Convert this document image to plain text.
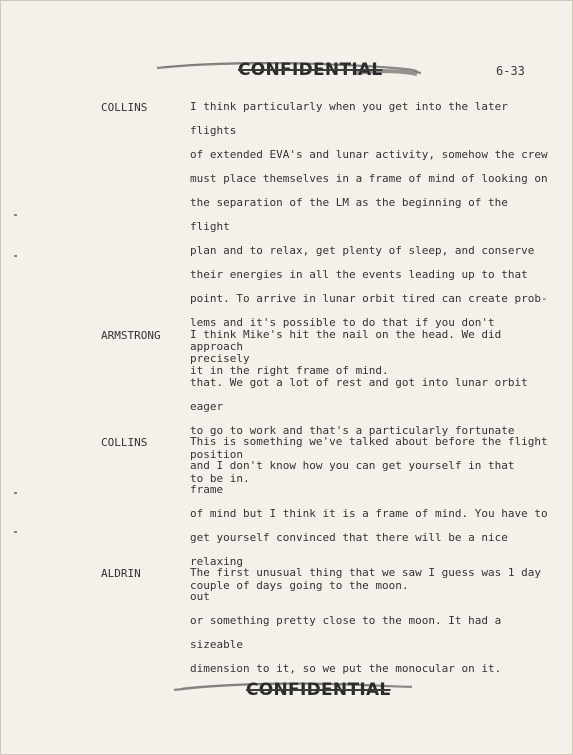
CONFIDENTIAL	6-33
COLLINS	I think particularly when you get into the later flights
of extended EVA's and lunar activity, somehow the crew
must place themselves in a frame of mind of looking on
the separation of the LM as the beginning of the flight
plan and to relax, get plenty of sleep, and conserve
their energies in all the events leading up to that
point. To arrive in lunar orbit tired can create prob-
lems and it's possible to do that if you don't approach
it in the right frame of mind.
ARMSTRONG	I think Mike's hit the nail on the head. We did precisely
that. We got a lot of rest and got into lunar orbit eager
to go to work and that's a particularly fortunate position
to be in.
COLLINS	This is something we've talked about before the flight
and I don't know how you can get yourself in that frame
of mind but I think it is a frame of mind. You have to
get yourself convinced that there will be a nice relaxing
couple of days going to the moon.
ALDRIN	The first unusual thing that we saw I guess was 1 day out
or something pretty close to the moon. It had a sizeable
dimension to it, so we put the monocular on it.
CONFIDENTIAL
